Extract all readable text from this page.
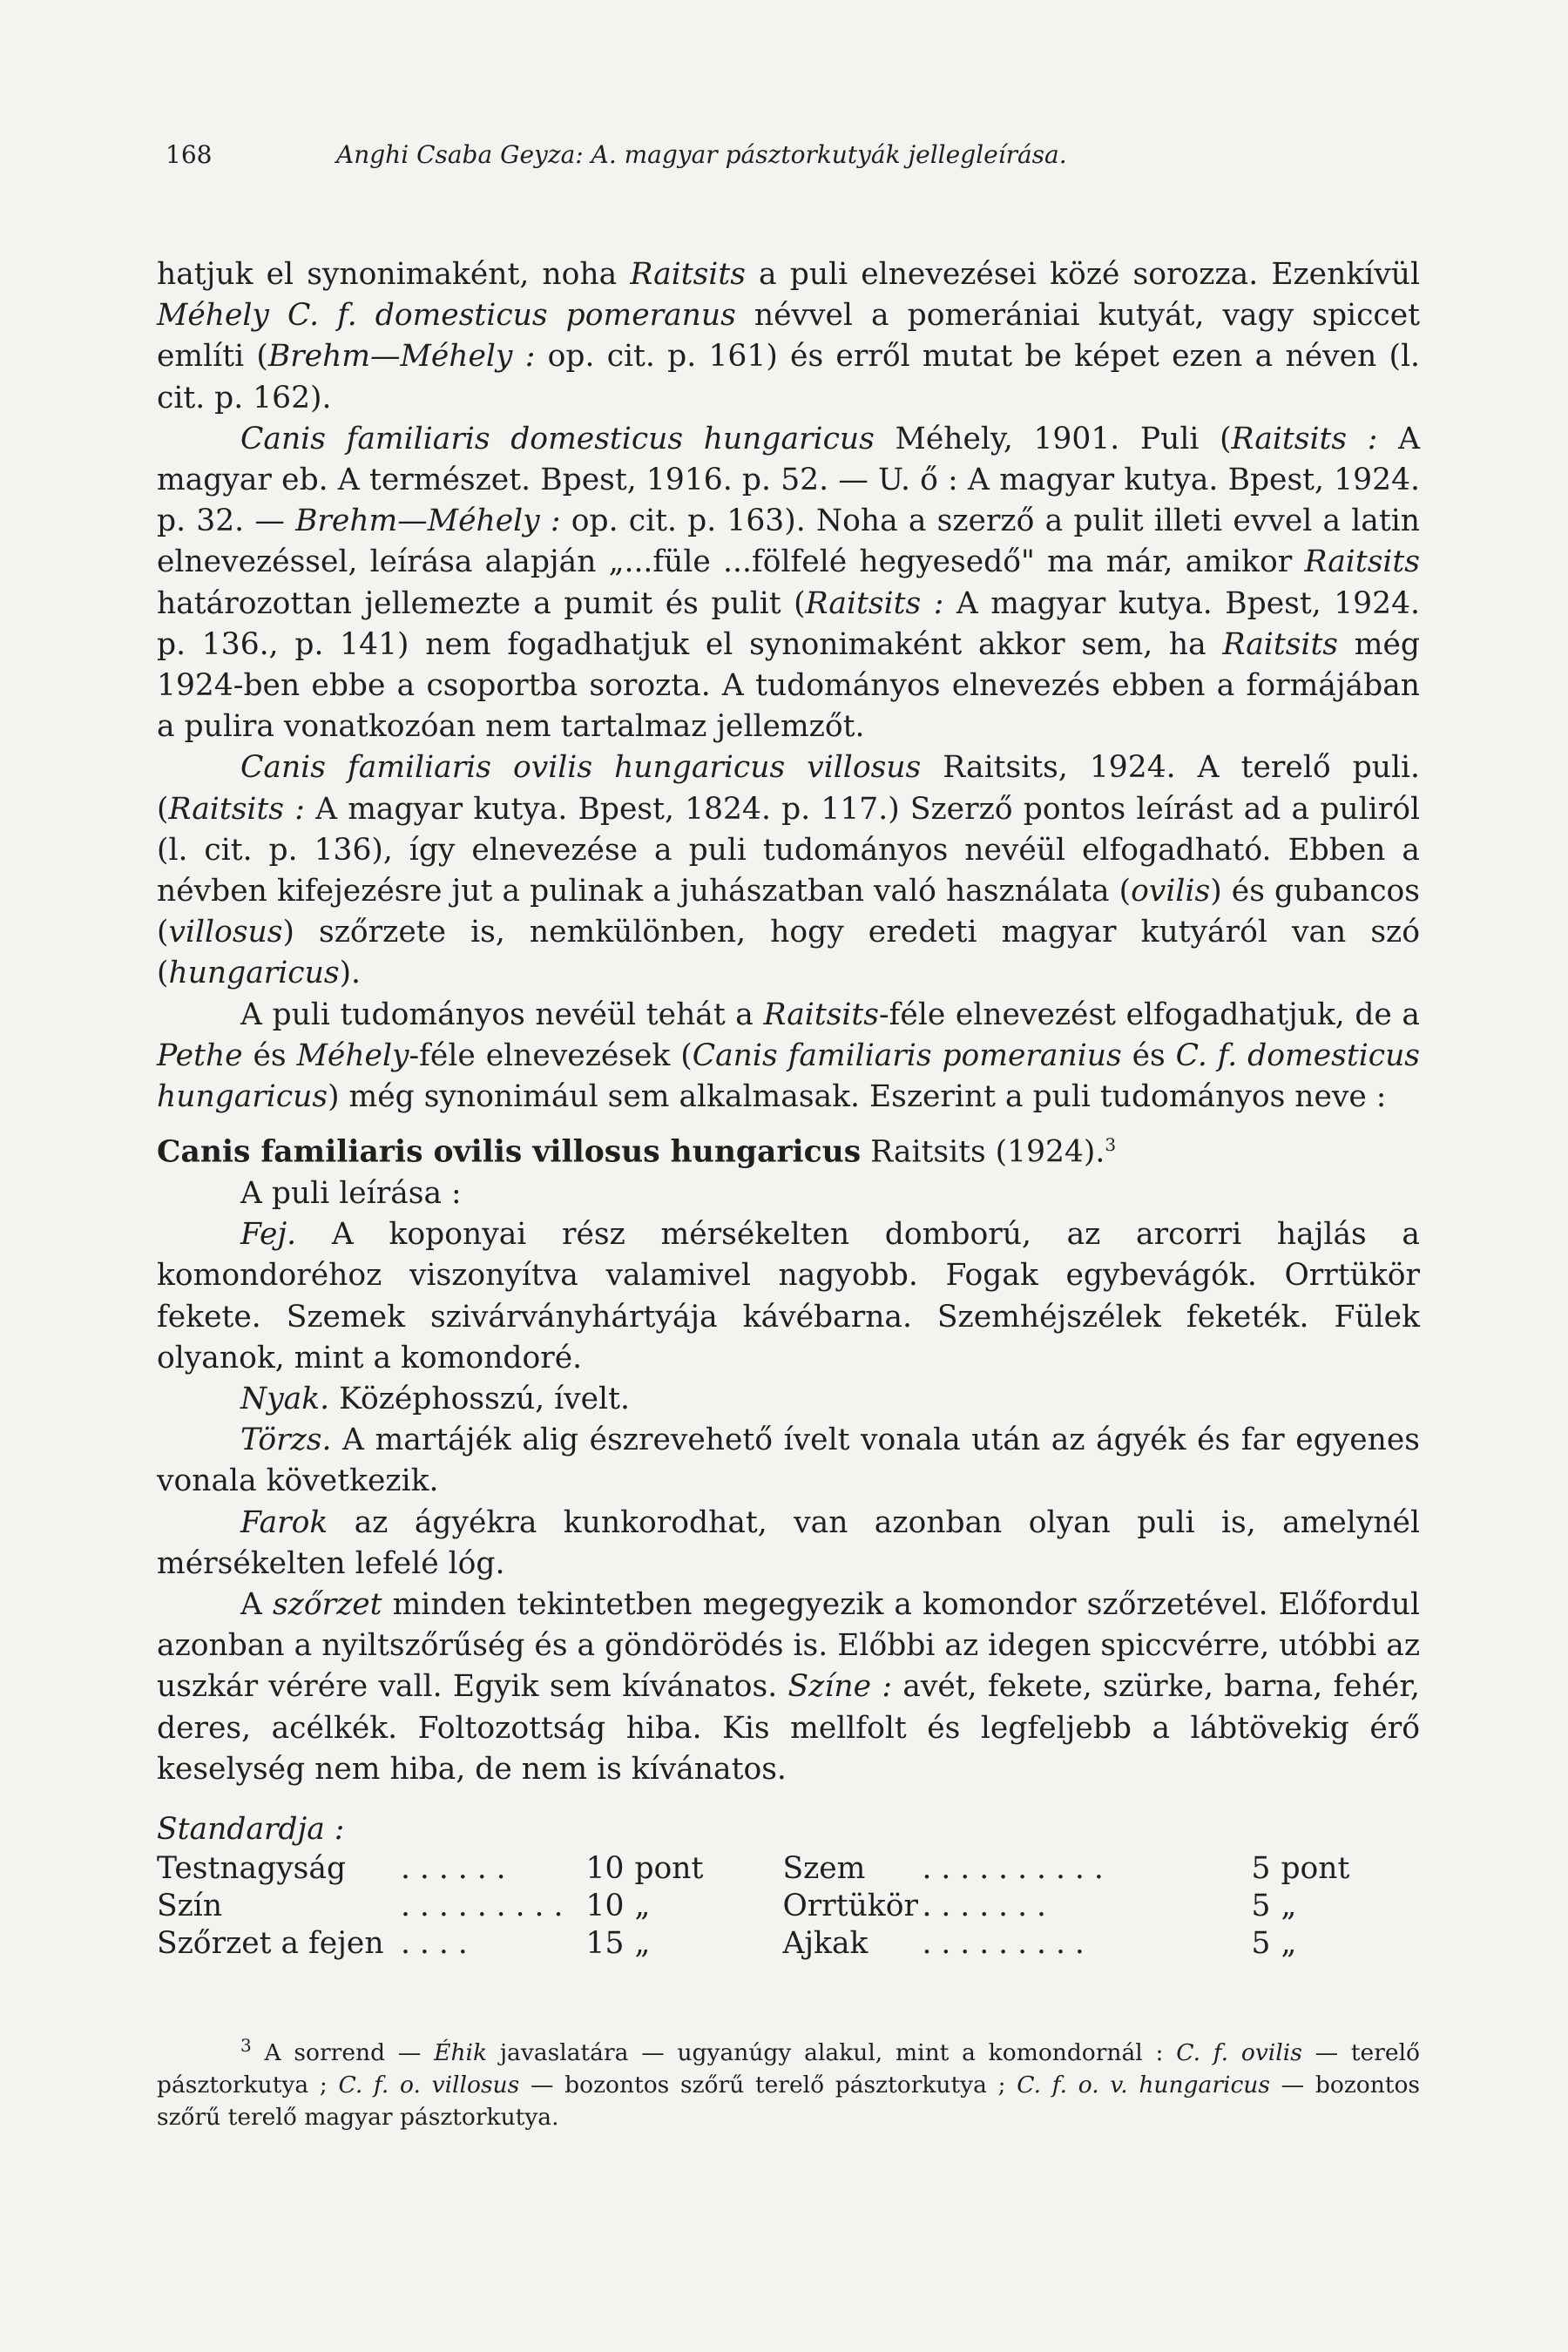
168	Anghi Csaba Geyza: A. magyar pásztorkutyák jellegleírása.

hatjuk el synonimaként, noha Raitsits a puli elnevezései közé sorozza. Ezenkívül Méhely C. f. domesticus pomeranus névvel a pomerániai kutyát, vagy spiccet említi (Brehm—Méhely : op. cit. p. 161) és erről mutat be képet ezen a néven (l. cit. p. 162).

Canis familiaris domesticus hungaricus Méhely, 1901. Puli (Raitsits : A magyar eb. A természet. Bpest, 1916. p. 52. — U. ő : A magyar kutya. Bpest, 1924. p. 32. — Brehm—Méhely : op. cit. p. 163). Noha a szerző a pulit illeti evvel a latin elnevezéssel, leírása alapján „...füle ...fölfelé hegyesedő" ma már, amikor Raitsits határozottan jellemezte a pumit és pulit (Raitsits : A magyar kutya. Bpest, 1924. p. 136., p. 141) nem fogadhatjuk el synonimaként akkor sem, ha Raitsits még 1924-ben ebbe a csoportba sorozta. A tudományos elnevezés ebben a formájában a pulira vonatkozóan nem tartalmaz jellemzőt.

Canis familiaris ovilis hungaricus villosus Raitsits, 1924. A terelő puli. (Raitsits : A magyar kutya. Bpest, 1824. p. 117.) Szerző pontos leírást ad a puliról (l. cit. p. 136), így elnevezése a puli tudományos nevéül elfogadható. Ebben a névben kifejezésre jut a pulinak a juhászatban való használata (ovilis) és gubancos (villosus) szőrzete is, nemkülönben, hogy eredeti magyar kutyáról van szó (hungaricus).

A puli tudományos nevéül tehát a Raitsits-féle elnevezést elfogadhatjuk, de a Pethe és Méhely-féle elnevezések (Canis familiaris pomeranius és C. f. domesticus hungaricus) még synonimául sem alkalmasak. Eszerint a puli tudományos neve :

Canis familiaris ovilis villosus hungaricus Raitsits (1924).$^3$

A puli leírása :

Fej. A koponyai rész mérsékelten domború, az arcorri hajlás a komondoréhoz viszonyítva valamivel nagyobb. Fogak egybevágók. Orrtükör fekete. Szemek szivárványhártyája kávébarna. Szemhéjszélek feketék. Fülek olyanok, mint a komondoré.

Nyak. Középhosszú, ívelt.

Törzs. A martájék alig észrevehető ívelt vonala után az ágyék és far egyenes vonala következik.

Farok az ágyékra kunkorodhat, van azonban olyan puli is, amelynél mérsékelten lefelé lóg.

A szőrzet minden tekintetben megegyezik a komondor szőrzetével. Előfordul azonban a nyiltszőrűség és a göndörödés is. Előbbi az idegen spiccvérre, utóbbi az uszkár vérére vall. Egyik sem kívánatos. Színe : avét, fekete, szürke, barna, fehér, deres, acélkék. Foltozottság hiba. Kis mellfolt és legfeljebb a lábtövekig érő keselység nem hiba, de nem is kívánatos.

Standardja :

Testnagyság	. . . . . .	10	pont	Szem	. . . . . . . . . .	5	pont
Szín	. . . . . . . . .	10	„	Orrtükör	. . . . . . .	5	„
Szőrzet a fejen	. . . .	15	„	Ajkak	. . . . . . . . .	5	„

$^3$ A sorrend — Éhik javaslatára — ugyanúgy alakul, mint a komondornál : C. f. ovilis — terelő pásztorkutya ; C. f. o. villosus — bozontos szőrű terelő pásztorkutya ; C. f. o. v. hungaricus — bozontos szőrű terelő magyar pásztorkutya.
